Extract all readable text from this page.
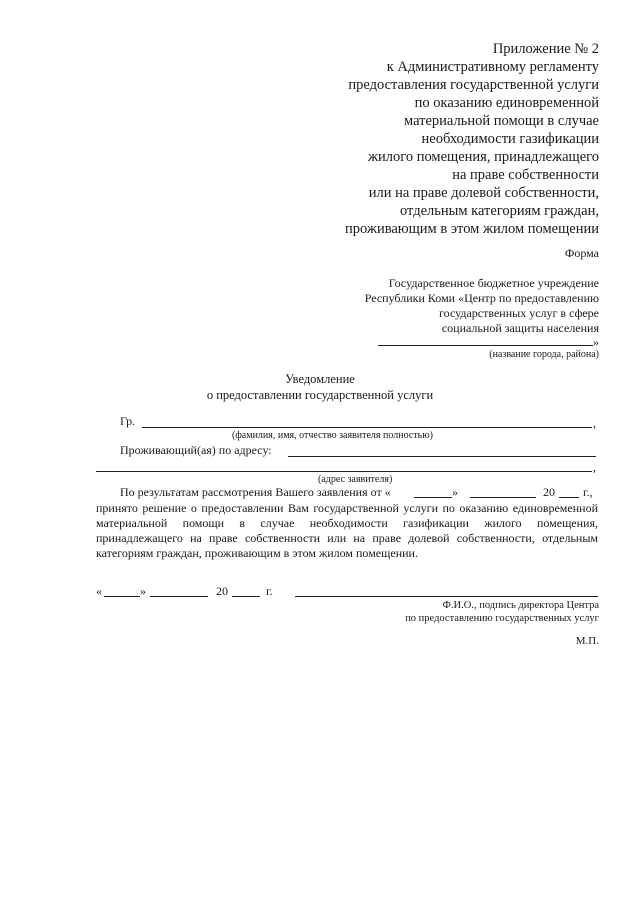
Приложение № 2
к Административному регламенту
предоставления государственной услуги
по оказанию единовременной
материальной помощи в случае
необходимости газификации
жилого помещения, принадлежащего
на праве собственности
или на праве долевой собственности,
отдельным категориям граждан,
проживающим в этом жилом помещении
Форма
Государственное бюджетное учреждение
Республики Коми «Центр по предоставлению
государственных услуг в сфере
социальной защиты населения
»
(название города, района)
Уведомление
о предоставлении государственной услуги
Гр.	,
(фамилия, имя, отчество заявителя полностью)
Проживающий(ая) по адресу:
,
(адрес заявителя)
По результатам рассмотрения Вашего заявления от «	»	20 г.,
принято решение о предоставлении Вам государственной услуги по оказанию единовременной материальной помощи в случае необходимости газификации жилого помещения, принадлежащего на праве собственности или на праве долевой собственности, отдельным категориям граждан, проживающим в этом жилом помещении.
«	»	20	г.
Ф.И.О., подпись директора Центра
по предоставлению государственных услуг
М.П.
